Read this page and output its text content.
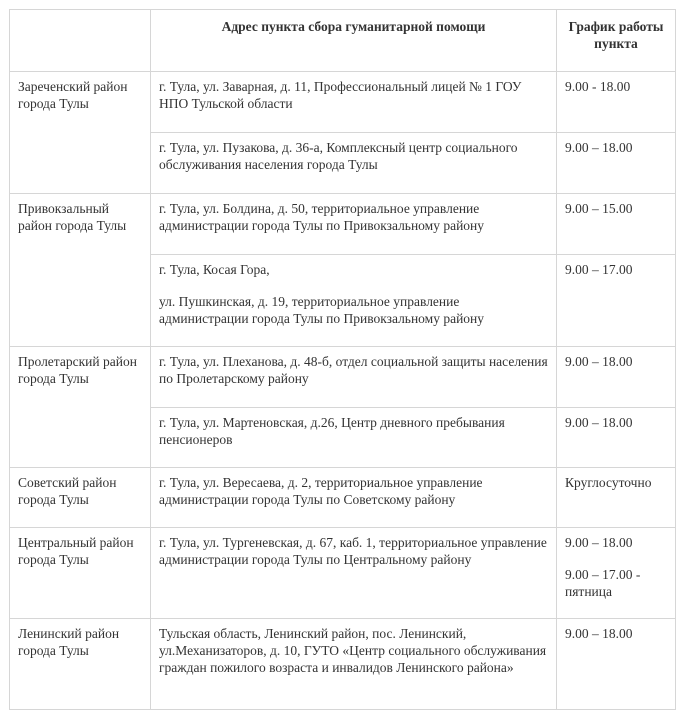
	Адрес пункта сбора гуманитарной помощи	График работы пункта
Зареченский район города Тулы	г. Тула, ул. Заварная, д. 11, Профессиональный лицей № 1 ГОУ НПО Тульской области	9.00 - 18.00

	г. Тула, ул. Пузакова, д. 36-а, Комплексный центр социального обслуживания населения города Тулы	9.00 – 18.00

Привокзальный район города Тулы	г. Тула, ул. Болдина, д. 50, территориальное управление администрации города Тулы по Привокзальному району	9.00 – 15.00

	г. Тула, Косая Гора,
ул. Пушкинская, д. 19, территориальное управление администрации города Тулы по Привокзальному району	9.00 – 17.00

Пролетарский район города Тулы	г. Тула, ул. Плеханова, д. 48-б, отдел социальной защиты населения по Пролетарскому району	9.00 – 18.00

	г. Тула, ул. Мартеновская, д.26, Центр дневного пребывания пенсионеров	9.00 – 18.00

Советский район города Тулы	г. Тула, ул. Вересаева, д. 2, территориальное управление администрации города Тулы по Советскому району	Круглосуточно

Центральный район города Тулы	г. Тула, ул. Тургеневская, д. 67, каб. 1, территориальное управление администрации города Тулы по Центральному району	9.00 – 18.00
9.00 – 17.00 - пятница

Ленинский район города Тулы	Тульская область, Ленинский район, пос. Ленинский, ул.Механизаторов, д. 10, ГУТО «Центр социального обслуживания граждан пожилого возраста и инвалидов Ленинского района»	9.00 – 18.00
